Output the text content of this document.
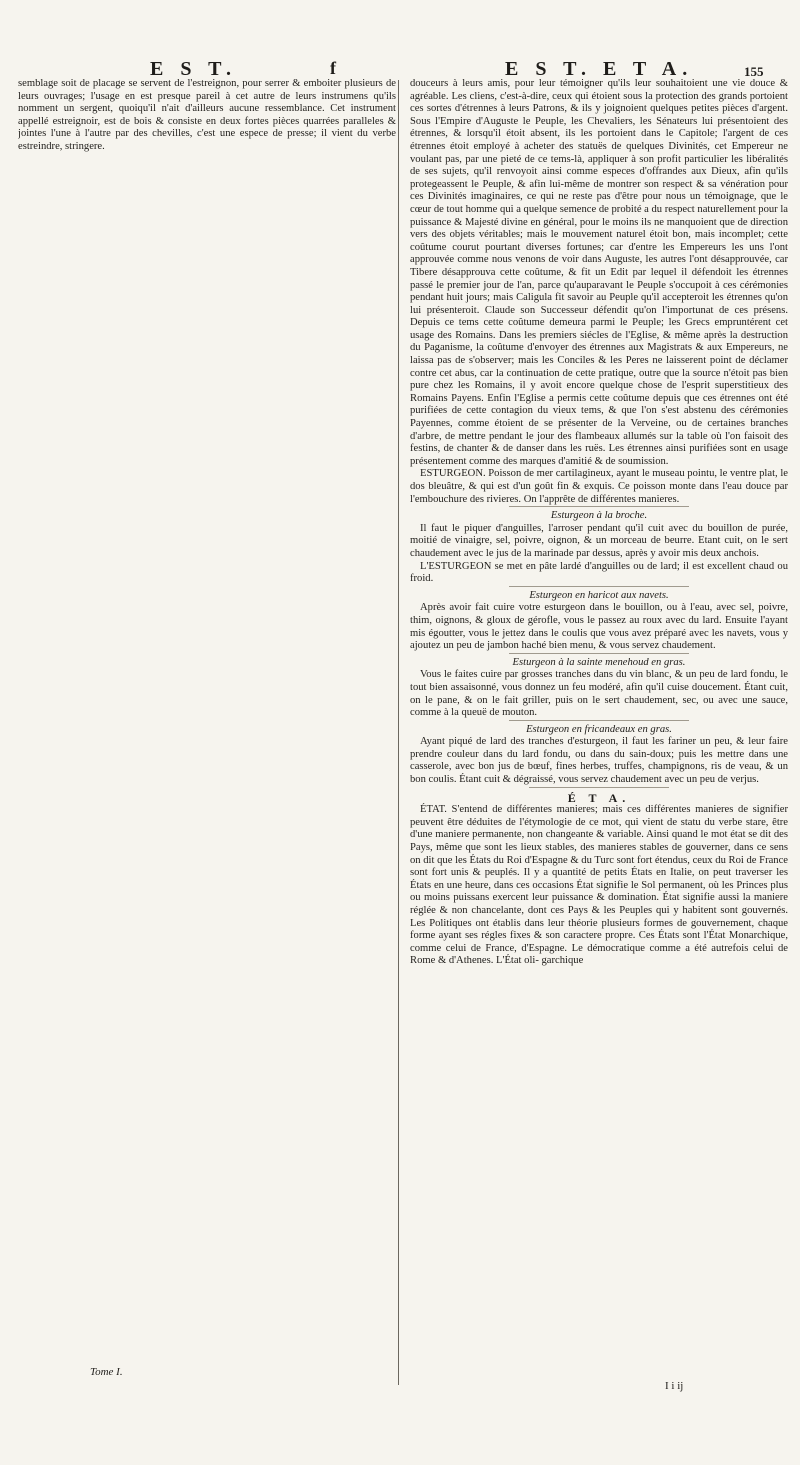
E S T.	f	E S T. E T A.	155

semblage soit de placage se servent de l'estreignon, pour serrer & emboiter plusieurs de leurs ouvrages; l'usage en est presque pareil à cet autre de leurs instrumens qu'ils nomment un sergent, quoiqu'il n'ait d'ailleurs aucune ressemblance. Cet instrument appellé estreignoir, est de bois & consiste en deux fortes pièces quarrées paralleles & jointes l'une à l'autre par des chevilles, c'est une espece de presse; il vient du verbe estreindre, stringere.

douceurs à leurs amis, pour leur témoigner qu'ils leur souhaitoient une vie douce & agréable. Les cliens, c'est-à-dire, ceux qui étoient sous la protection des grands portoient ces sortes d'étrennes à leurs Patrons, & ils y joignoient quelques petites pièces d'argent. Sous l'Empire d'Auguste le Peuple, les Chevaliers, les Sénateurs lui présentoient des étrennes, & lorsqu'il étoit absent, ils les portoient dans le Capitole; l'argent de ces étrennes étoit employé à acheter des statuës de quelques Divinités, cet Empereur ne voulant pas, par une pieté de ce tems-là, appliquer à son profit particulier les libéralités de ses sujets, qu'il renvoyoit ainsi comme especes d'offrandes aux Dieux, afin qu'ils protegeassent le Peuple, & afin lui-même de montrer son respect & sa vénération pour ces Divinités imaginaires, ce qui ne reste pas d'être pour nous un témoignage, que le cœur de tout homme qui a quelque semence de probité a du respect naturellement pour la puissance & Majesté divine en général, pour le moins ils ne manquoient que de direction vers des objets véritables; mais le mouvement naturel étoit bon, mais incomplet; cette coûtume courut pourtant diverses fortunes; car d'entre les Empereurs les uns l'ont approuvée comme nous venons de voir dans Auguste, les autres l'ont désapprouvée, car Tibere désapprouva cette coûtume, & fit un Edit par lequel il défendoit les étrennes passé le premier jour de l'an, parce qu'auparavant le Peuple s'occupoit à ces cérémonies pendant huit jours; mais Caligula fit savoir au Peuple qu'il accepteroit les étrennes qu'on lui présenteroit. Claude son Successeur défendit qu'on l'importunat de ces présens. Depuis ce tems cette coûtume demeura parmi le Peuple; les Grecs empruntérent cet usage des Romains. Dans les premiers siécles de l'Eglise, & même après la destruction du Paganisme, la coûtume d'envoyer des étrennes aux Magistrats & aux Empereurs, ne laissa pas de s'observer; mais les Conciles & les Peres ne laisserent point de déclamer contre cet abus, car la continuation de cette pratique, outre que la source n'étoit pas bien pure chez les Romains, il y avoit encore quelque chose de l'esprit superstitieux des Romains Payens. Enfin l'Eglise a permis cette coûtume depuis que ces étrennes ont été purifiées de cette contagion du vieux tems, & que l'on s'est abstenu des cérémonies Payennes, comme étoient de se présenter de la Verveine, ou de certaines branches d'arbre, de mettre pendant le jour des flambeaux allumés sur la table où l'on faisoit des festins, de chanter & de danser dans les ruës. Les étrennes ainsi purifiées sont en usage présentement comme des marques d'amitié & de soumission.

ESTURGEON. Poisson de mer cartilagineux, ayant le museau pointu, le ventre plat, le dos bleuâtre, & qui est d'un goût fin & exquis. Ce poisson monte dans l'eau douce par l'embouchure des rivieres. On l'apprête de différentes manieres.

Esturgeon à la broche.

Il faut le piquer d'anguilles, l'arroser pendant qu'il cuit avec du bouillon de purée, moitié de vinaigre, sel, poivre, oignon, & un morceau de beurre. Etant cuit, on le sert chaudement avec le jus de la marinade par dessus, après y avoir mis deux anchois.

L'ESTURGEON se met en pâte lardé d'anguilles ou de lard; il est excellent chaud ou froid.

Esturgeon en haricot aux navets.

Après avoir fait cuire votre esturgeon dans le bouillon, ou à l'eau, avec sel, poivre, thim, oignons, & gloux de gérofle, vous le passez au roux avec du lard. Ensuite l'ayant mis égoutter, vous le jettez dans le coulis que vous avez préparé avec les navets, vous y ajoutez un peu de jambon haché bien menu, & vous servez chaudement.

Esturgeon à la sainte menehoud en gras.

Vous le faites cuire par grosses tranches dans du vin blanc, & un peu de lard fondu, le tout bien assaisonné, vous donnez un feu modéré, afin qu'il cuise doucement. Étant cuit, on le pane, & on le fait griller, puis on le sert chaudement, sec, ou avec une sauce, comme à la queuë de mouton.

Esturgeon en fricandeaux en gras.

Ayant piqué de lard des tranches d'esturgeon, il faut les fariner un peu, & leur faire prendre couleur dans du lard fondu, ou dans du sain-doux; puis les mettre dans une casserole, avec bon jus de bœuf, fines herbes, truffes, champignons, ris de veau, & un bon coulis. Étant cuit & dégraissé, vous servez chaudement avec un peu de verjus.

É T A.

ÉTAT. S'entend de différentes manieres; mais ces différentes manieres de signifier peuvent être déduites de l'étymologie de ce mot, qui vient de statu du verbe stare, être d'une maniere permanente, non changeante & variable. Ainsi quand le mot état se dit des Pays, même que sont les lieux stables, des manieres stables de gouverner, dans ce sens on dit que les États du Roi d'Espagne & du Turc sont fort étendus, ceux du Roi de France sont fort unis & peuplés. Il y a quantité de petits États en Italie, on peut traverser les États en une heure, dans ces occasions État signifie le Sol permanent, où les Princes plus ou moins puissans exercent leur puissance & domination. État signifie aussi la maniere réglée & non chancelante, dont ces Pays & les Peuples qui y habitent sont gouvernés. Les Politiques ont établis dans leur théorie plusieurs formes de gouvernement, chaque forme ayant ses régles fixes & son caractere propre. Ces États sont l'État Monarchique, comme celui de France, d'Espagne. Le démocratique comme a été autrefois celui de Rome & d'Athenes. L'État oli- garchique

Tome I.
I i ij
